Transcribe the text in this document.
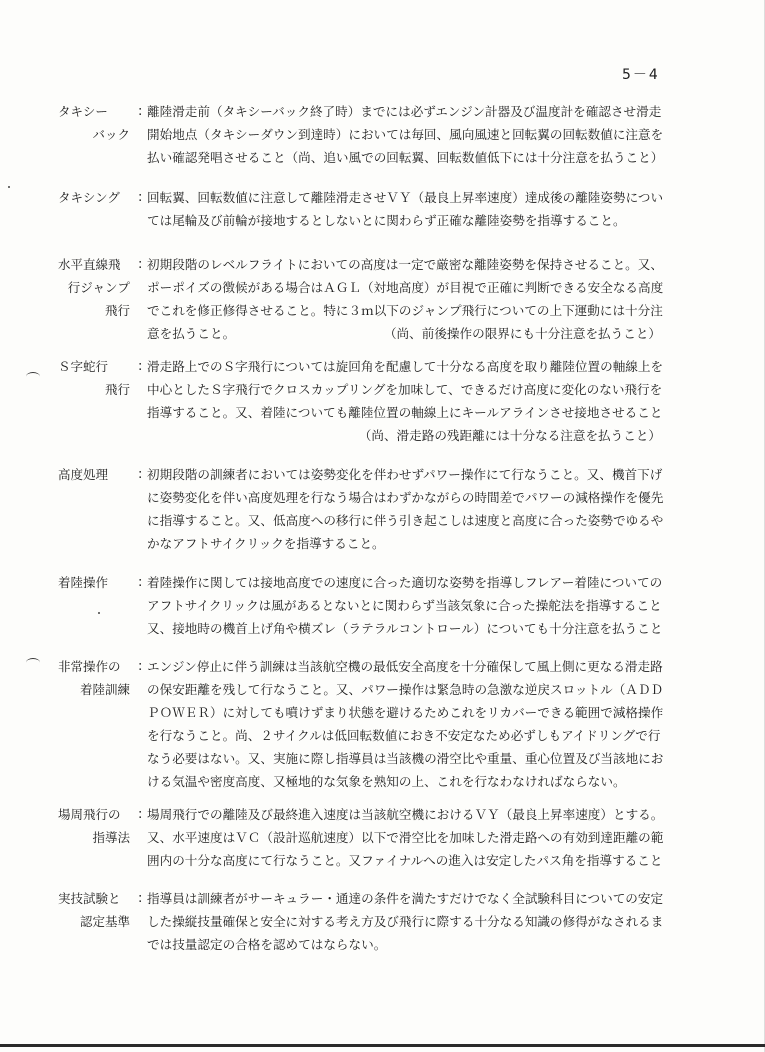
5－4
タキシー
バック
: 離陸滑走前（タキシーバック終了時）までには必ずエンジン計器及び温度計を確認させ滑走
開始地点（タキシーダウン到達時）においては毎回、風向風速と回転翼の回転数値に注意を
払い確認発唱させること（尚、追い風での回転翼、回転数値低下には十分注意を払うこと）
タキシング	: 回転翼、回転数値に注意して離陸滑走させＶＹ（最良上昇率速度）達成後の離陸姿勢につい
ては尾輪及び前輪が接地するとしないとに関わらず正確な離陸姿勢を指導すること。
水平直線飛
行ジャンプ
飛行
: 初期段階のレベルフライトにおいての高度は一定で厳密な離陸姿勢を保持させること。又、
ポーポイズの徴候がある場合はＡＧＬ（対地高度）が目視で正確に判断できる安全なる高度
でこれを修正修得させること。特に３ｍ以下のジャンプ飛行についての上下運動には十分注
意を払うこと。	（尚、前後操作の限界にも十分注意を払うこと）
Ｓ字蛇行
飛行
: 滑走路上でのＳ字飛行については旋回角を配慮して十分なる高度を取り離陸位置の軸線上を
中心としたＳ字飛行でクロスカップリングを加味して、できるだけ高度に変化のない飛行を
指導すること。又、着陸についても離陸位置の軸線上にキールアラインさせ接地させること
（尚、滑走路の残距離には十分なる注意を払うこと）
高度処理	: 初期段階の訓練者においては姿勢変化を伴わせずパワー操作にて行なうこと。又、機首下げ
に姿勢変化を伴い高度処理を行なう場合はわずかながらの時間差でパワーの減格操作を優先
に指導すること。又、低高度への移行に伴う引き起こしは速度と高度に合った姿勢でゆるや
かなアフトサイクリックを指導すること。
着陸操作	: 着陸操作に関しては接地高度での速度に合った適切な姿勢を指導しフレアー着陸についての
アフトサイクリックは風があるとないとに関わらず当該気象に合った操舵法を指導すること
又、接地時の機首上げ角や横ズレ（ラテラルコントロール）についても十分注意を払うこと
非常操作の
着陸訓練
: エンジン停止に伴う訓練は当該航空機の最低安全高度を十分確保して風上側に更なる滑走路
の保安距離を残して行なうこと。又、パワー操作は緊急時の急激な逆戻スロットル（ＡＤＤ
ＰＯＷＥＲ）に対しても噴けずまり状態を避けるためこれをリカバーできる範囲で減格操作
を行なうこと。尚、２サイクルは低回転数値におき不安定なため必ずしもアイドリングで行
なう必要はない。又、実施に際し指導員は当該機の滑空比や重量、重心位置及び当該地にお
ける気温や密度高度、又極地的な気象を熟知の上、これを行なわなければならない。
場周飛行の
指導法
: 場周飛行での離陸及び最終進入速度は当該航空機におけるＶＹ（最良上昇率速度）とする。
又、水平速度はＶＣ（設計巡航速度）以下で滑空比を加味した滑走路への有効到達距離の範
囲内の十分な高度にて行なうこと。又ファイナルへの進入は安定したパス角を指導すること
実技試験と
認定基準
: 指導員は訓練者がサーキュラー・通達の条件を満たすだけでなく全試験科目についての安定
した操縦技量確保と安全に対する考え方及び飛行に際する十分なる知識の修得がなされるま
では技量認定の合格を認めてはならない。
